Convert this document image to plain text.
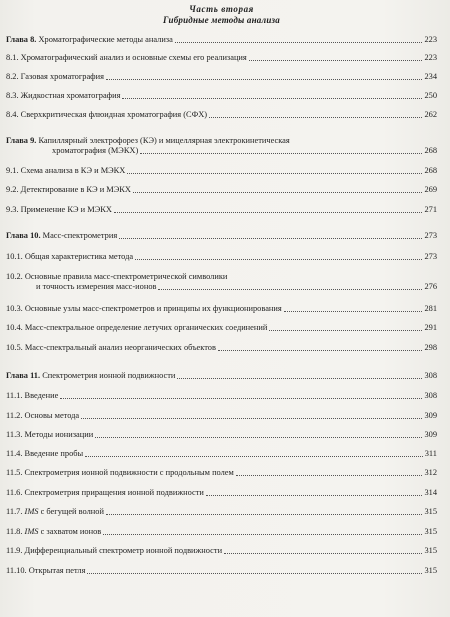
Часть вторая
Гибридные методы анализа
Глава 8. Хроматографические методы анализа	223
8.1. Хроматографический анализ и основные схемы его реализация	223
8.2. Газовая хроматография	234
8.3. Жидкостная хроматография	250
8.4. Сверхкритическая флюидная хроматография (СФХ)	262
Глава 9. Капиллярный электрофорез (КЭ) и мицеллярная электрокинетическая
хроматография (МЭКХ)	268
9.1. Схема анализа в КЭ и МЭКХ	268
9.2. Детектирование в КЭ и МЭКХ	269
9.3. Применение КЭ и МЭКХ	271
Глава 10. Масс-спектрометрия	273
10.1. Общая характеристика метода	273
10.2. Основные правила масс-спектрометрической символики
и точность измерения масс-ионов	276
10.3. Основные узлы масс-спектрометров и принципы их функционирования	281
10.4. Масс-спектральное определение летучих органических соединений	291
10.5. Масс-спектральный анализ неорганических объектов	298
Глава 11. Спектрометрия ионной подвижности	308
11.1. Введение	308
11.2. Основы метода	309
11.3. Методы ионизации	309
11.4. Введение пробы	311
11.5. Спектрометрия ионной подвижности с продольным полем	312
11.6. Спектрометрия приращения ионной подвижности	314
11.7. IMS с бегущей волной	315
11.8. IMS с захватом ионов	315
11.9. Дифференциальный спектрометр ионной подвижности	315
11.10. Открытая петля	315
